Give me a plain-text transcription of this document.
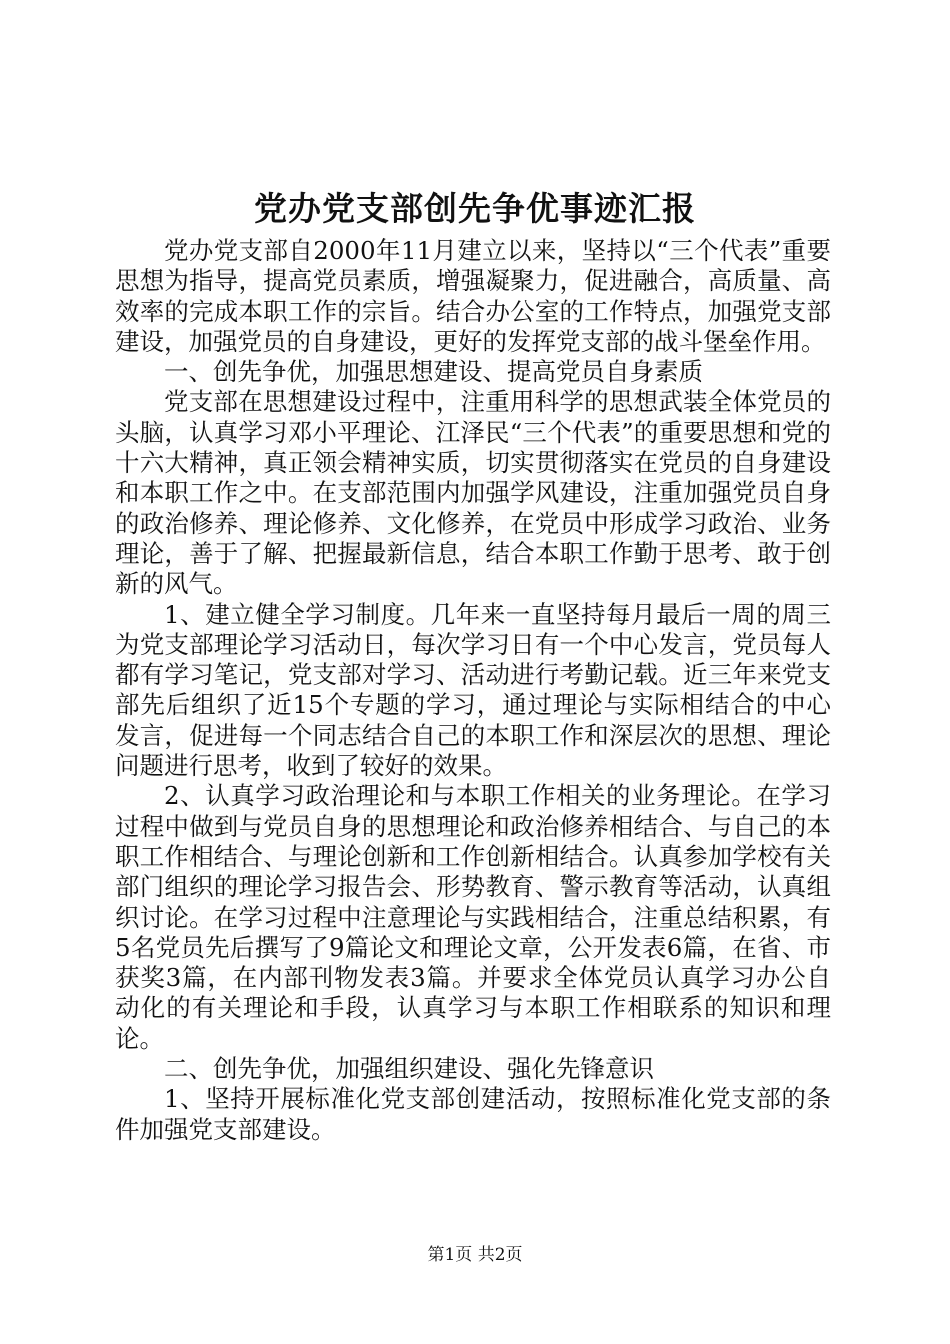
党办党支部创先争优事迹汇报

党办党支部自2000年11月建立以来，坚持以“三个代表”重要思想为指导，提高党员素质，增强凝聚力，促进融合，高质量、高效率的完成本职工作的宗旨。结合办公室的工作特点，加强党支部建设，加强党员的自身建设，更好的发挥党支部的战斗堡垒作用。

一、创先争优，加强思想建设、提高党员自身素质

党支部在思想建设过程中，注重用科学的思想武装全体党员的头脑，认真学习邓小平理论、江泽民“三个代表”的重要思想和党的十六大精神，真正领会精神实质，切实贯彻落实在党员的自身建设和本职工作之中。在支部范围内加强学风建设，注重加强党员自身的政治修养、理论修养、文化修养，在党员中形成学习政治、业务理论，善于了解、把握最新信息，结合本职工作勤于思考、敢于创新的风气。

1、建立健全学习制度。几年来一直坚持每月最后一周的周三为党支部理论学习活动日，每次学习日有一个中心发言，党员每人都有学习笔记，党支部对学习、活动进行考勤记载。近三年来党支部先后组织了近15个专题的学习，通过理论与实际相结合的中心发言，促进每一个同志结合自己的本职工作和深层次的思想、理论问题进行思考，收到了较好的效果。

2、认真学习政治理论和与本职工作相关的业务理论。在学习过程中做到与党员自身的思想理论和政治修养相结合、与自己的本职工作相结合、与理论创新和工作创新相结合。认真参加学校有关部门组织的理论学习报告会、形势教育、警示教育等活动，认真组织讨论。在学习过程中注意理论与实践相结合，注重总结积累，有5名党员先后撰写了9篇论文和理论文章，公开发表6篇，在省、市获奖3篇，在内部刊物发表3篇。并要求全体党员认真学习办公自动化的有关理论和手段，认真学习与本职工作相联系的知识和理论。

二、创先争优，加强组织建设、强化先锋意识

1、坚持开展标准化党支部创建活动，按照标准化党支部的条件加强党支部建设。

第1页 共2页
